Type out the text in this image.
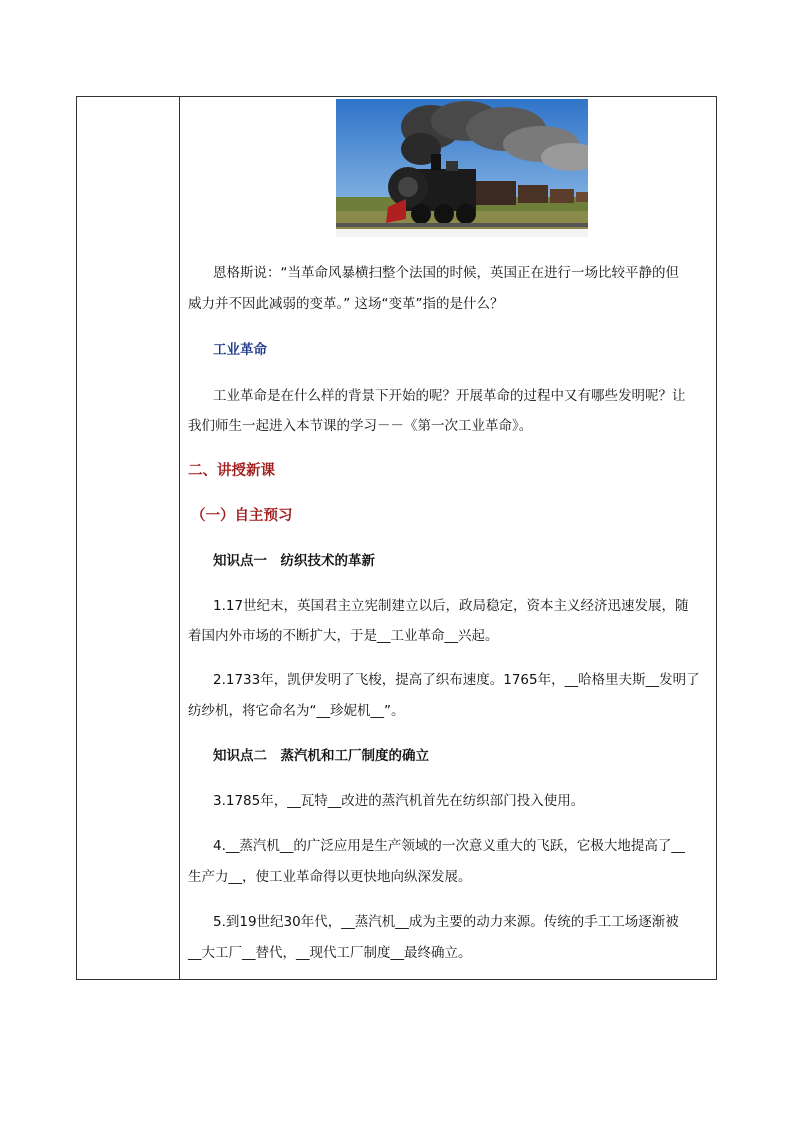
恩格斯说：“当革命风暴横扫整个法国的时候，英国正在进行一场比较平静的但
威力并不因此减弱的变革。” 这场“变革”指的是什么？
工业革命
工业革命是在什么样的背景下开始的呢？开展革命的过程中又有哪些发明呢？让
我们师生一起进入本节课的学习－－《第一次工业革命》。
二、讲授新课
（一）自主预习
知识点一　纺织技术的革新
1.17世纪末，英国君主立宪制建立以后，政局稳定，资本主义经济迅速发展，随
着国内外市场的不断扩大，于是__工业革命__兴起。
2.1733年，凯伊发明了飞梭，提高了织布速度。1765年，__哈格里夫斯__发明了
纺纱机，将它命名为“__珍妮机__”。
知识点二　蒸汽机和工厂制度的确立
3.1785年，__瓦特__改进的蒸汽机首先在纺织部门投入使用。
4.__蒸汽机__的广泛应用是生产领域的一次意义重大的飞跃，它极大地提高了__
生产力__，使工业革命得以更快地向纵深发展。
5.到19世纪30年代，__蒸汽机__成为主要的动力来源。传统的手工工场逐渐被
__大工厂__替代，__现代工厂制度__最终确立。
